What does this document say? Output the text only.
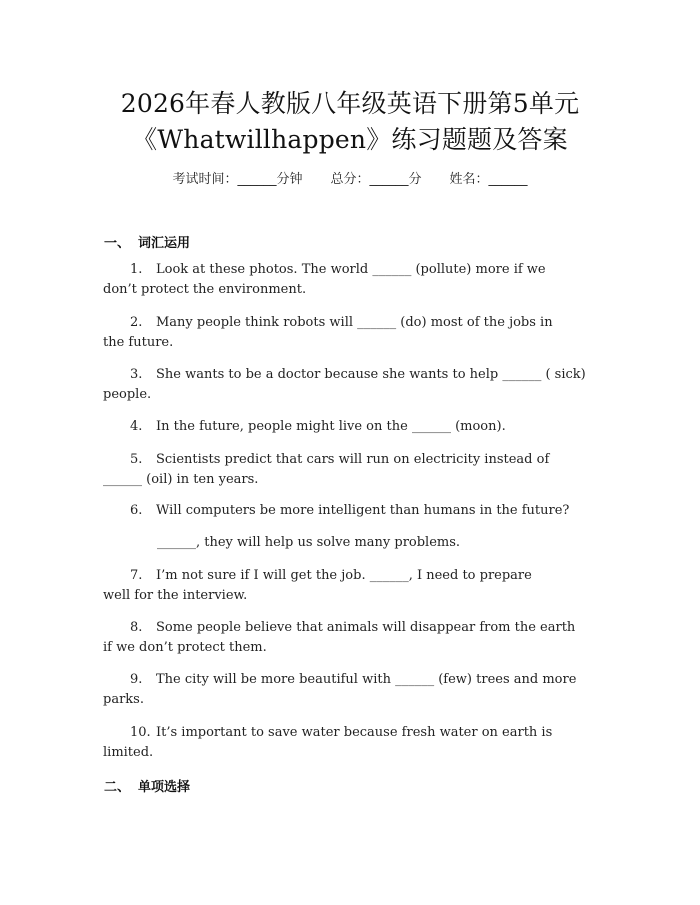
2026年春人教版八年级英语下册第5单元
《Whatwillhappen》练习题题及答案
考试时间：______分钟 总分：______分 姓名：______
一、 词汇运用
1. Look at these photos. The world ______ (pollute) more if we
don’t protect the environment.
2. Many people think robots will ______ (do) most of the jobs in
the future.
3. She wants to be a doctor because she wants to help ______ ( sick)
people.
4. In the future, people might live on the ______ (moon).
5. Scientists predict that cars will run on electricity instead of
______ (oil) in ten years.
6. Will computers be more intelligent than humans in the future?
______, they will help us solve many problems.
7. I’m not sure if I will get the job. ______, I need to prepare
well for the interview.
8. Some people believe that animals will disappear from the earth
if we don’t protect them.
9. The city will be more beautiful with ______ (few) trees and more
parks.
10. It’s important to save water because fresh water on earth is
limited.
二、 单项选择
